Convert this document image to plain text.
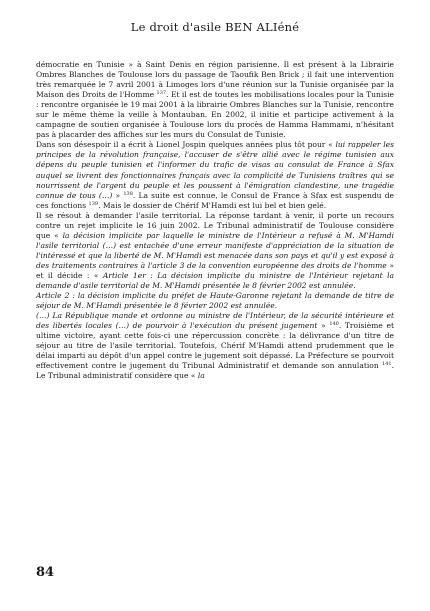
Le droit d'asile BEN ALIéné

démocratie en Tunisie » à Saint Denis en région parisienne. Il est présent à la Librairie Ombres Blanches de Toulouse lors du passage de Taoufik Ben Brick ; il fait une intervention très remarquée le 7 avril 2001 à Limoges lors d'une réunion sur la Tunisie organisée par la Maison des Droits de l'Homme $^{137}$. Et il est de toutes les mobilisations locales pour la Tunisie : rencontre organisée le 19 mai 2001 à la librairie Ombres Blanches sur la Tunisie, rencontre sur le même thème la veille à Montauban. En 2002, il initie et participe activement à la campagne de soutien organisée à Toulouse lors du procès de Hamma Hammami, n'hésitant pas à placarder des affiches sur les murs du Consulat de Tunisie.

Dans son désespoir il a écrit à Lionel Jospin quelques années plus tôt pour « lui rappeler les principes de la révolution française, l'accuser de s'être allié avec le régime tunisien aux dépens du peuple tunisien et l'informer du trafic de visas au consulat de France à Sfax auquel se livrent des fonctionnaires français avec la complicité de Tunisiens traîtres qui se nourrissent de l'argent du peuple et les poussent à l'émigration clandestine, une tragédie connue de tous (…) » $^{138}$. La suite est connue, le Consul de France à Sfax est suspendu de ces fonctions $^{139}$. Mais le dossier de Chérif M'Hamdi est lui bel et bien gelé.

Il se résout à demander l'asile territorial. La réponse tardant à venir, il porte un recours contre un rejet implicite le 16 juin 2002. Le Tribunal administratif de Toulouse considère que « la décision implicite par laquelle le ministre de l'Intérieur a refusé à M. M'Hamdi l'asile territorial (…) est entachée d'une erreur manifeste d'appréciation de la situation de l'intéressé et que la liberté de M. M'Hamdi est menacée dans son pays et qu'il y est exposé à des traitements contraires à l'article 3 de la convention européenne des droits de l'homme » et il décide : « Article 1er : La décision implicite du ministre de l'Intérieur rejetant la demande d'asile territorial de M. M'Hamdi présentée le 8 février 2002 est annulée.

Article 2 : la décision implicite du préfet de Haute-Garonne rejetant la demande de titre de séjour de M. M'Hamdi présentée le 8 février 2002 est annulée.

(…) La République mande et ordonne au ministre de l'Intérieur, de la sécurité intérieure et des libertés locales (…) de pourvoir à l'exécution du présent jugement » $^{140}$. Troisième et ultime victoire, ayant cette fois-ci une répercussion concrète : la délivrance d'un titre de séjour au titre de l'asile territorial. Toutefois, Chérif M'Hamdi attend prudemment que le délai imparti au dépôt d'un appel contre le jugement soit dépassé. La Préfecture se pourvoit effectivement contre le jugement du Tribunal Administratif et demande son annulation $^{141}$. Le Tribunal administratif considère que « la

84
